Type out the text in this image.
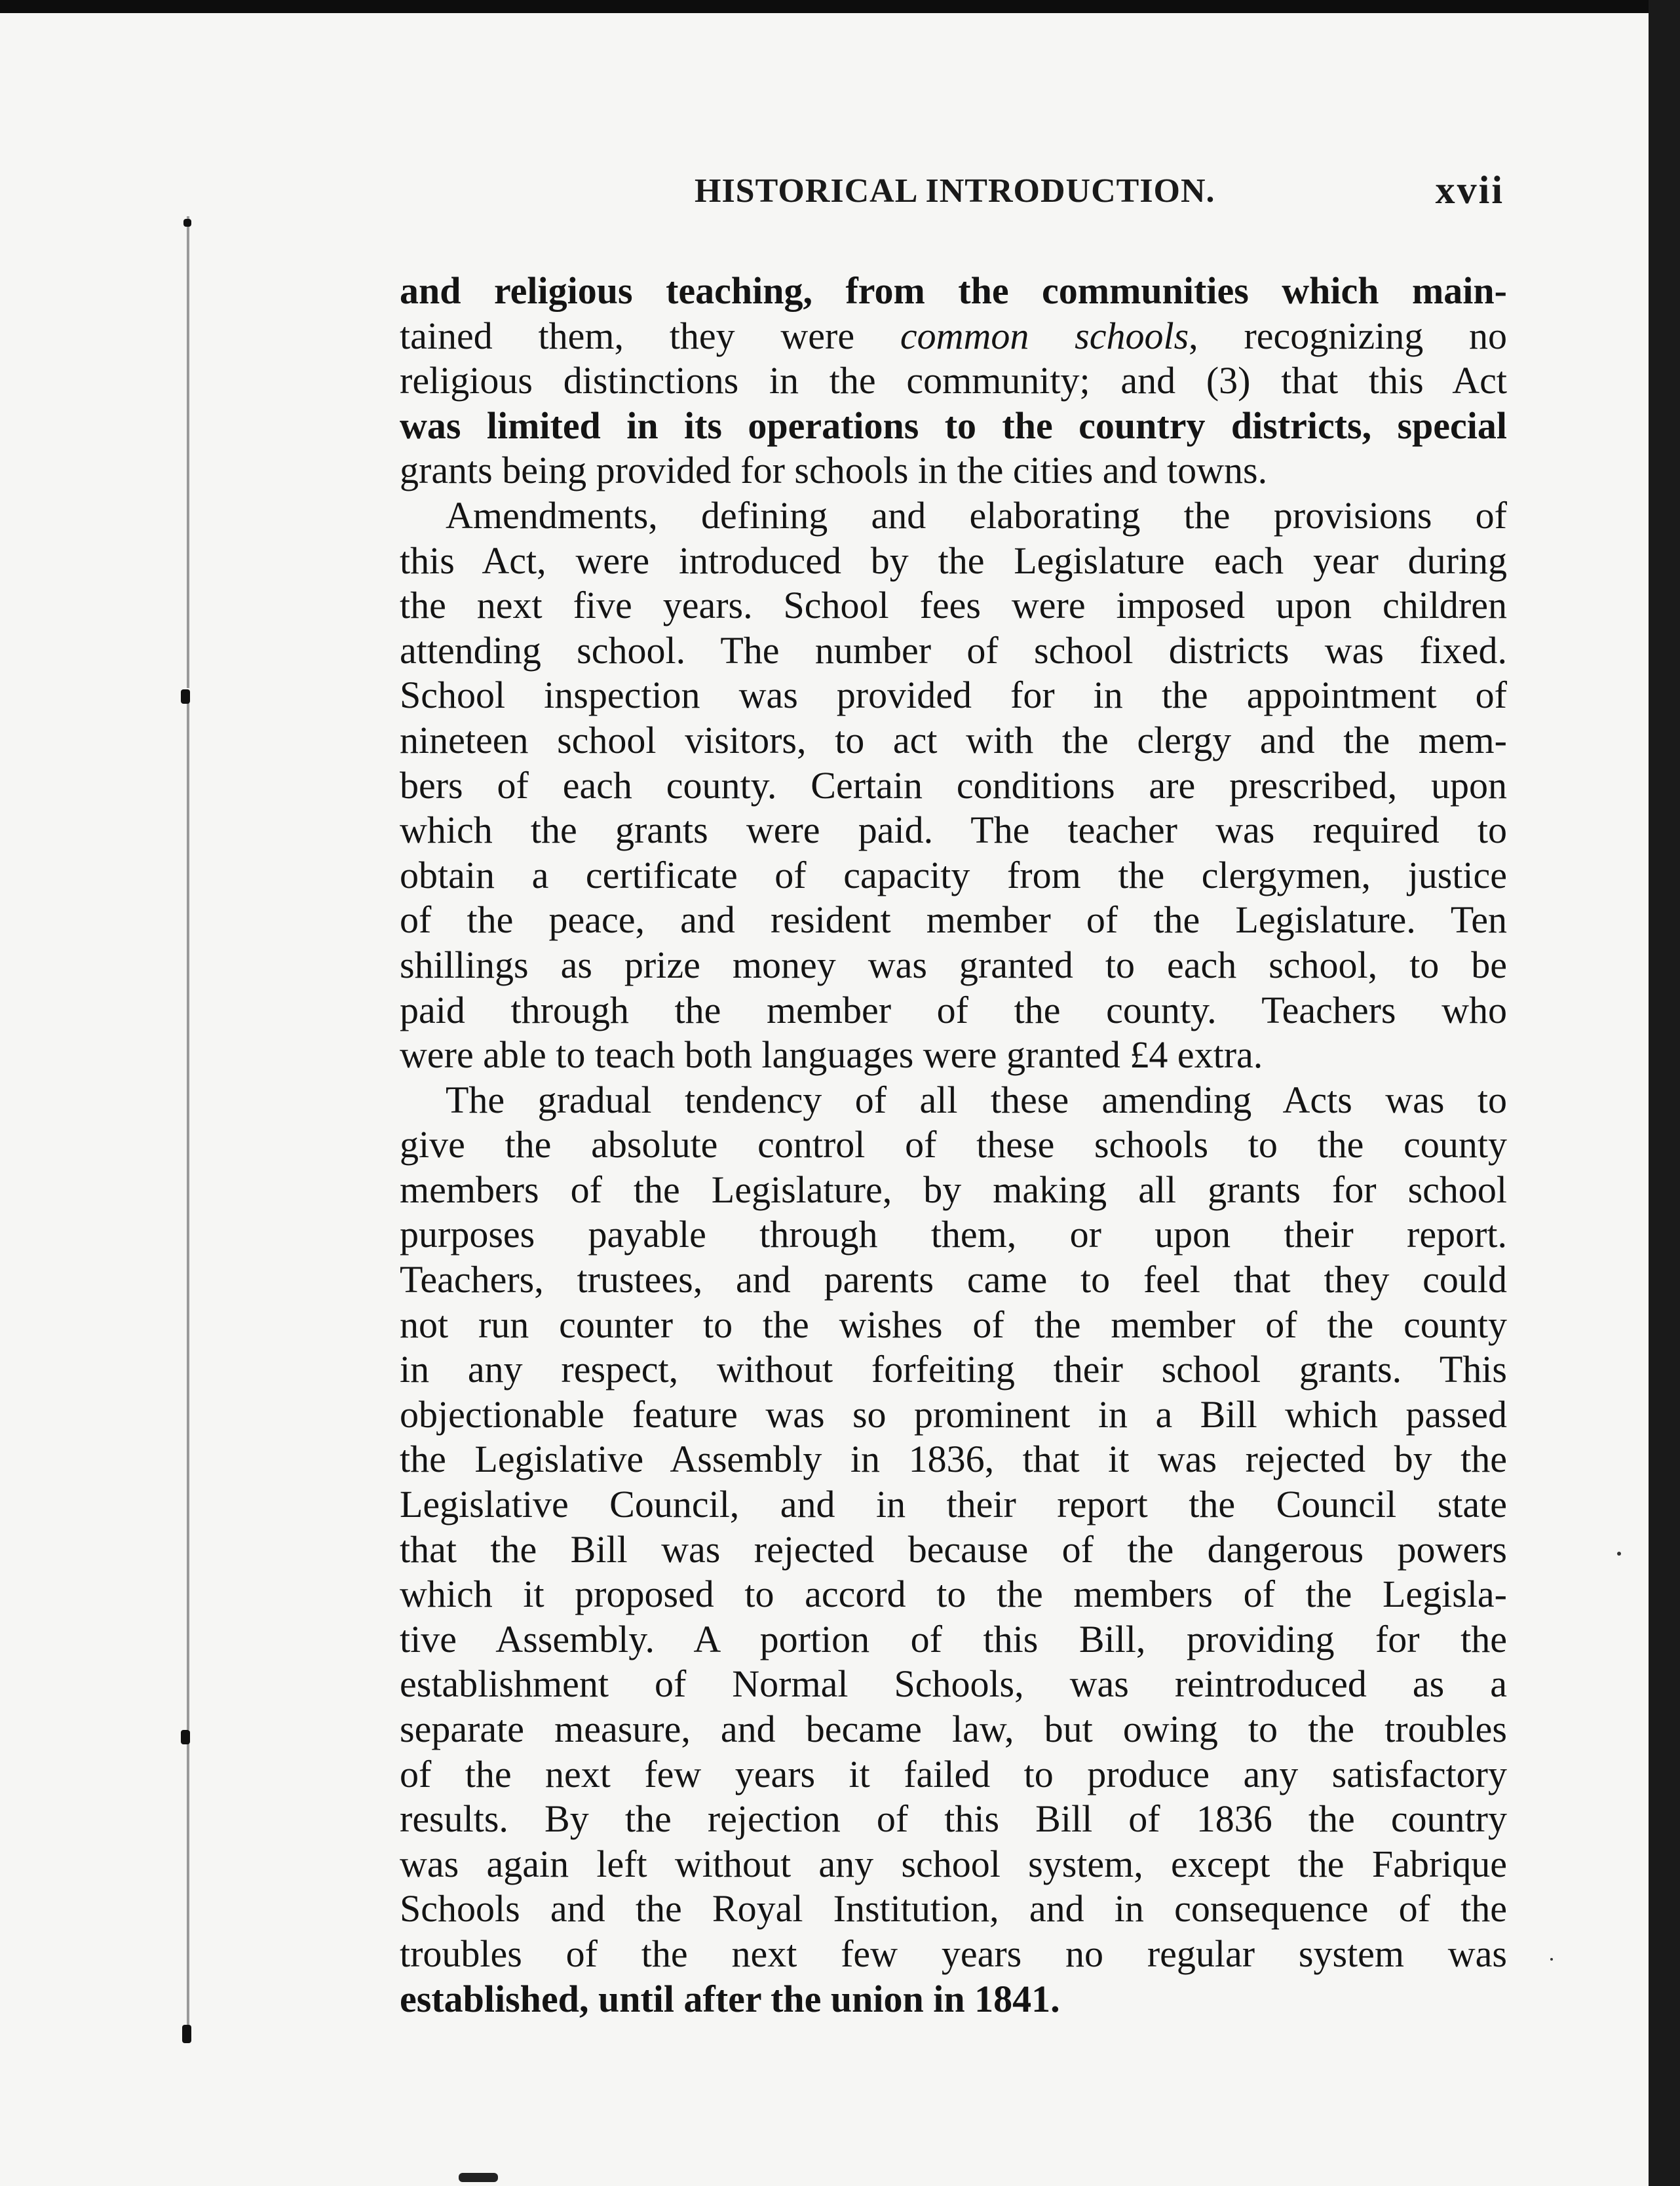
HISTORICAL INTRODUCTION.	xvii
and religious teaching, from the communities which main-
tained them, they were common schools, recognizing no
religious distinctions in the community; and (3) that this Act
was limited in its operations to the country districts, special
grants being provided for schools in the cities and towns.
Amendments, defining and elaborating the provisions of
this Act, were introduced by the Legislature each year during
the next five years. School fees were imposed upon children
attending school. The number of school districts was fixed.
School inspection was provided for in the appointment of
nineteen school visitors, to act with the clergy and the mem-
bers of each county. Certain conditions are prescribed, upon
which the grants were paid. The teacher was required to
obtain a certificate of capacity from the clergymen, justice
of the peace, and resident member of the Legislature. Ten
shillings as prize money was granted to each school, to be
paid through the member of the county. Teachers who
were able to teach both languages were granted £4 extra.
The gradual tendency of all these amending Acts was to
give the absolute control of these schools to the county
members of the Legislature, by making all grants for school
purposes payable through them, or upon their report.
Teachers, trustees, and parents came to feel that they could
not run counter to the wishes of the member of the county
in any respect, without forfeiting their school grants. This
objectionable feature was so prominent in a Bill which passed
the Legislative Assembly in 1836, that it was rejected by the
Legislative Council, and in their report the Council state
that the Bill was rejected because of the dangerous powers
which it proposed to accord to the members of the Legisla-
tive Assembly. A portion of this Bill, providing for the
establishment of Normal Schools, was reintroduced as a
separate measure, and became law, but owing to the troubles
of the next few years it failed to produce any satisfactory
results. By the rejection of this Bill of 1836 the country
was again left without any school system, except the Fabrique
Schools and the Royal Institution, and in consequence of the
troubles of the next few years no regular system was
established, until after the union in 1841.
